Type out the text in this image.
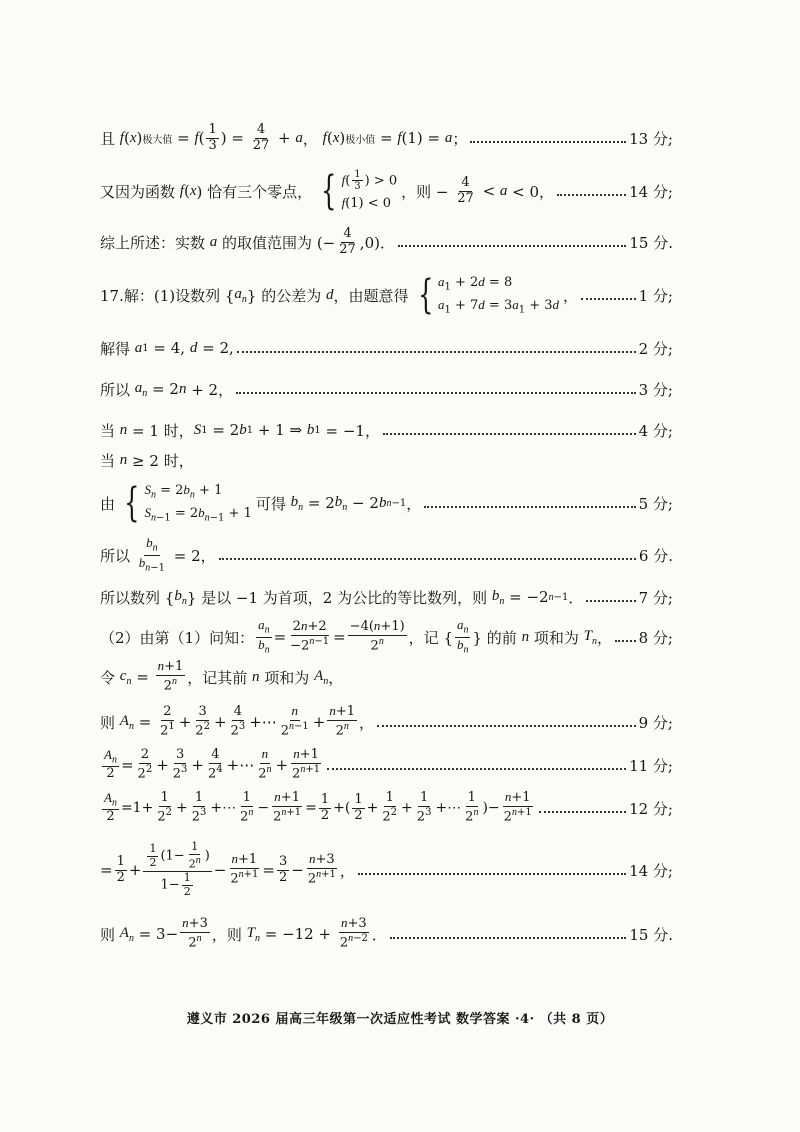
且 f ( x ) 极大值 = f ( $\frac{1}{3}$ ) = $\frac{4}{27} + a$ ， f ( x ) 极小值 = f (1) = a ；	13 分;
又因为函数 f ( x ) 恰有三个零点， { $f( \frac{1}{3}$ ) > 0
f(1) < 0
，则 − $\frac{4}{27} < a < 0$，	14 分;
综上所述：实数 a 的取值范围为 (− $\frac{4}{27} ,0$)．	15 分.
17.解：(1)设数列 { $a_n$ } 的公差为 d ，由题意得 { $a_1 + 2d = 8$
$a_1 + 7d = 3a_1 + 3d$ ，	1 分;
解得 a 1 = 4, d = 2,	2 分;
所以 $a_n = 2$ n + 2，	3 分;
当 n = 1 时， S 1 = 2 b 1 + 1 ⇒ b 1 = −1，	4 分;
当 n ≥ 2 时，
由 { $S_n = 2b_n + 1$
$S_{n-1} = 2b_{n-1} + 1$
可得 $b_n = 2$ $b_n - 2$ b n−1 ，	5 分;
所以 $\frac{b_n}{b_{n-1}} = 2$，	6 分.
所以数列 { $b_n$ } 是以 −1 为首项，2 为公比的等比数列，则 $b_n = -2$ n−1 ．	7 分;
（2）由第（1）问知： $\frac{a_n}{b_n} = \frac{2n+2}{-2^{n-1}} = \frac{-4(n+1)}{2^n}$ ，记 { $\frac{a_n}{b_n}$ } 的前 n 项和为 $T_n$ ， 8 分;
令 $c_n = \frac{n+1}{2^n}$ ，记其前 n 项和为 $A_n$ ，
则 $A_n = \frac{2}{2^1} + \frac{3}{2^2} + \frac{4}{2^3}$ +⋯ $\frac{n}{2^{n-1}} + \frac{n+1}{2^n}$ ，	9 分;
$\frac{A_n}{2} = \frac{2}{2^2} + \frac{3}{2^3} + \frac{4}{2^4}$ +⋯ $\frac{n}{2^n} + \frac{n+1}{2^{n+1}}$	11 分;
$\frac{A_n}{2} =1+ \frac{1}{2^2} + \frac{1}{2^3}$ +⋯ $\frac{1}{2^n} - \frac{n+1}{2^{n+1}} = \frac{1}{2}$ +( $\frac{1}{2} + \frac{1}{2^2} + \frac{1}{2^3}$ +⋯ $\frac{1}{2^n}$ )− $\frac{n+1}{2^{n+1}}$	12 分;
= $\frac{1}{2} + \frac{\frac{1}{2} (1- \frac{1}{2^n} )}{1- \frac{1}{2}} - \frac{n+1}{2^{n+1}} = \frac{3}{2} - \frac{n+3}{2^{n+1}}$ ，	14 分;
则 $A_n = 3- \frac{n+3}{2^n}$ ，则 $T_n = -12 + \frac{n+3}{2^{n-2}}$ ．	15 分.
遵义市 2026 届高三年级第一次适应性考试 数学答案 ·4· （共 8 页）
